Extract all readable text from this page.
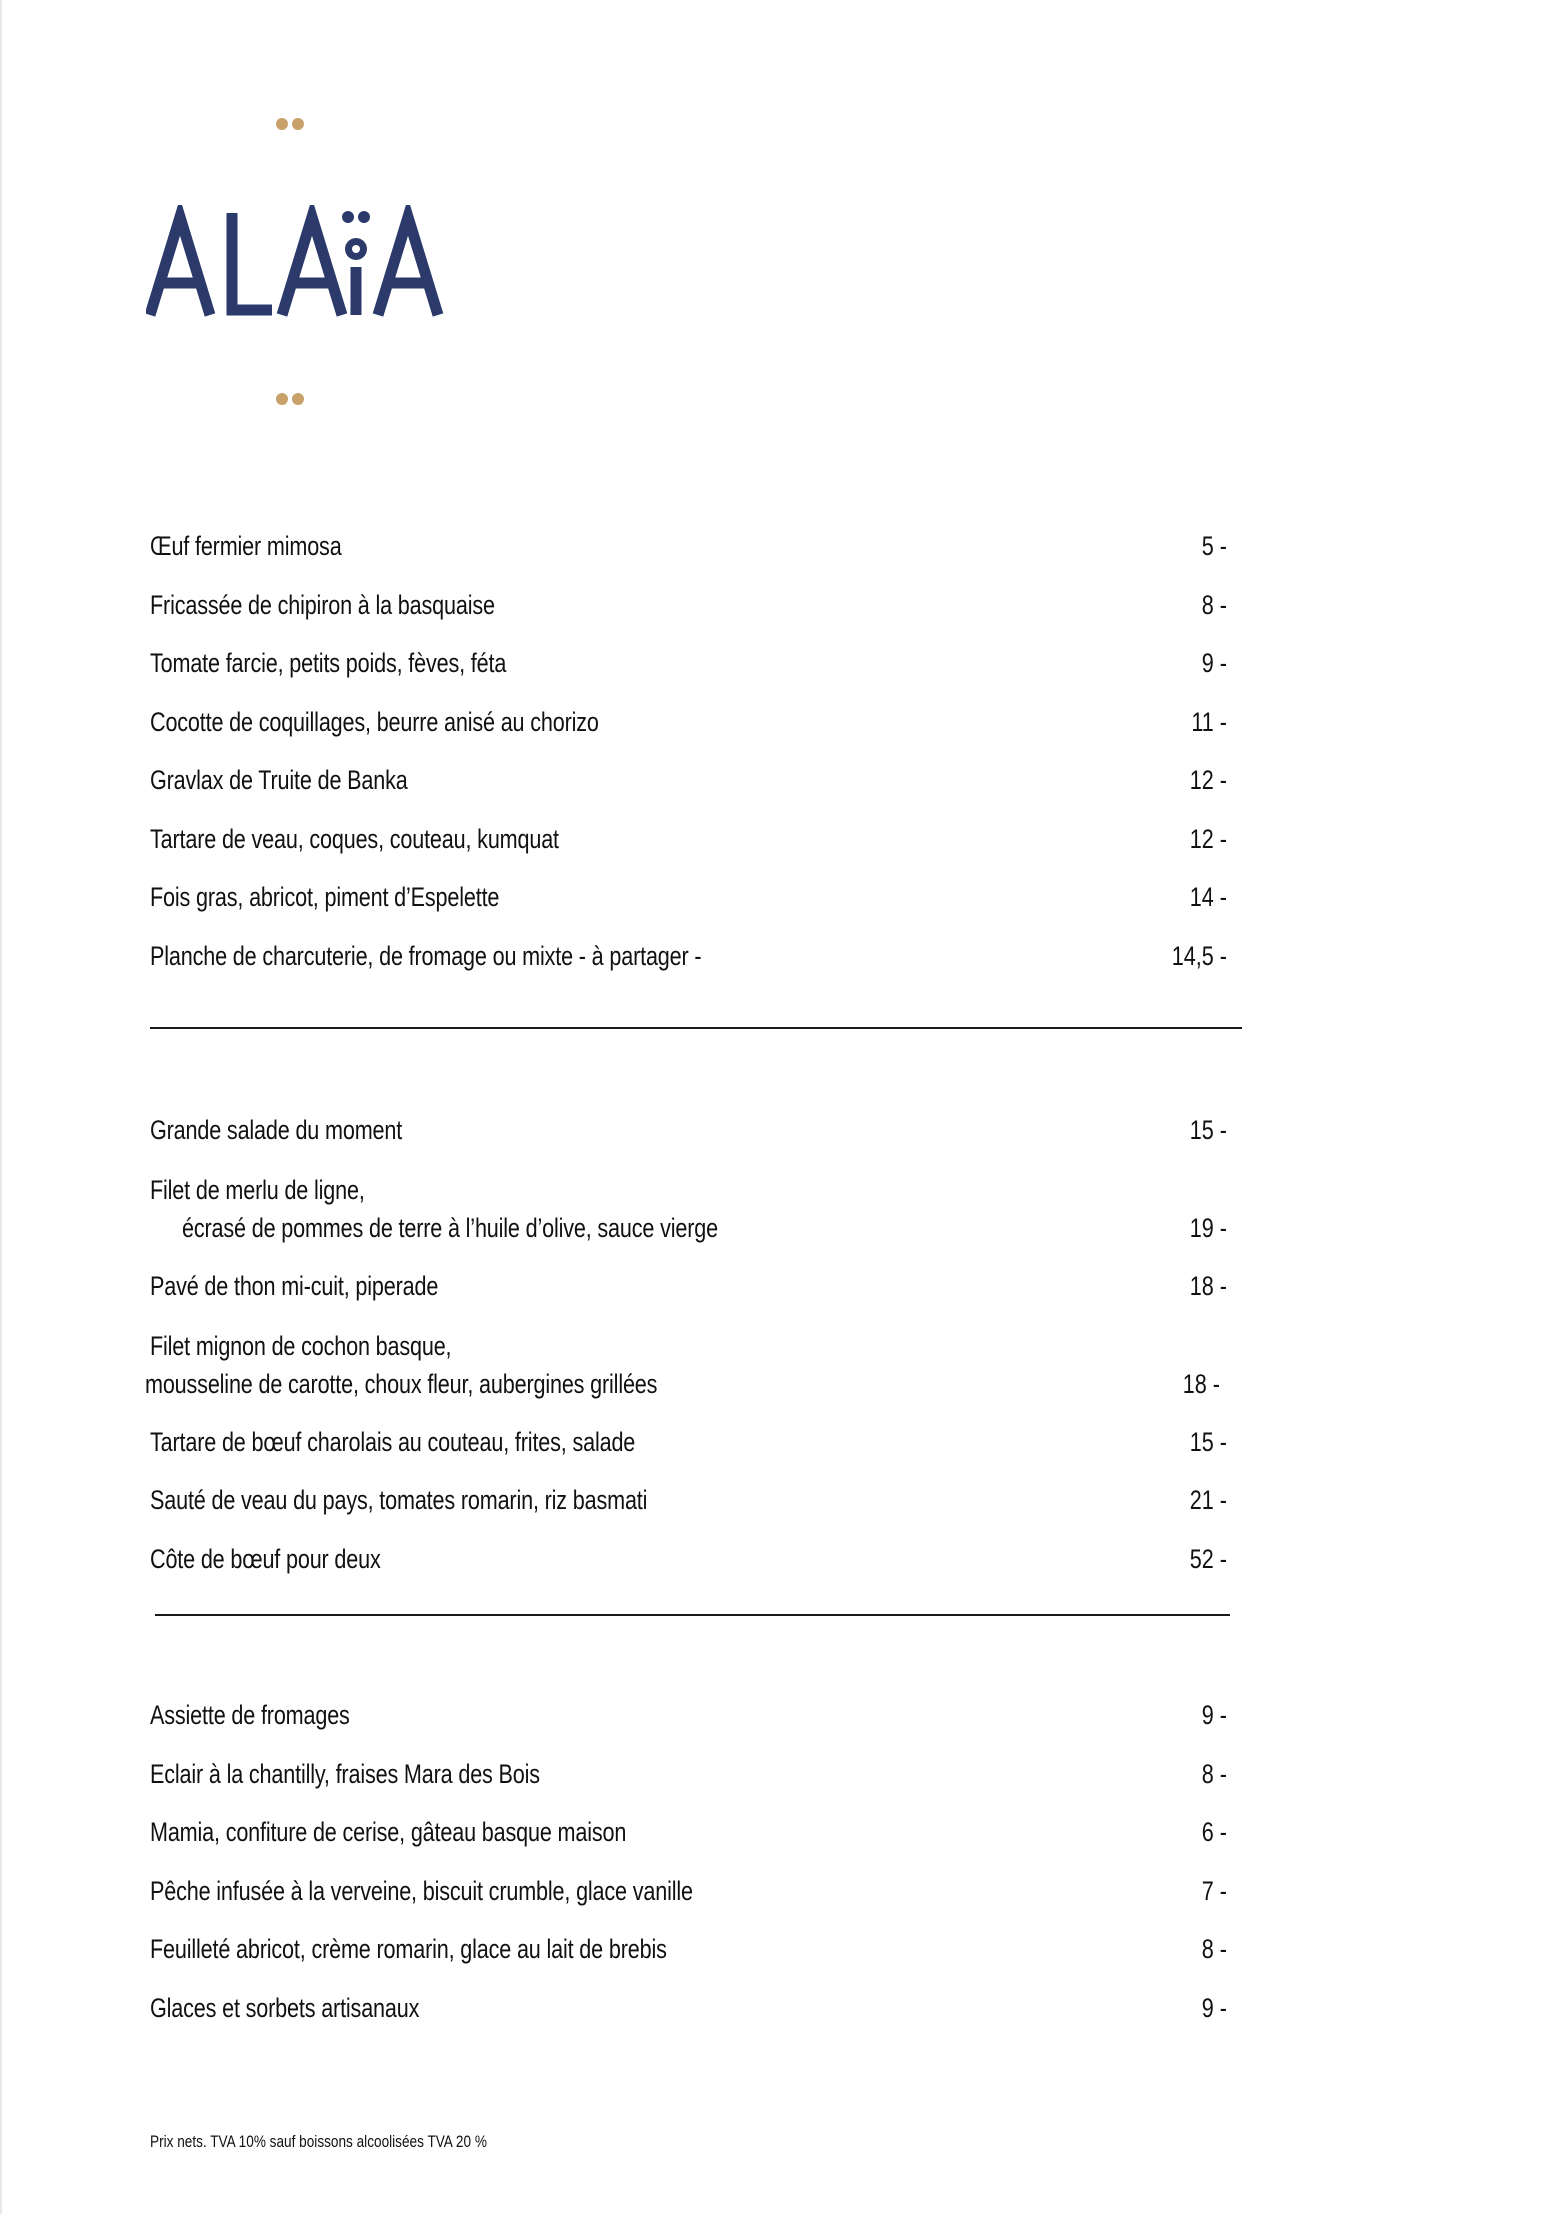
Œuf fermier mimosa	5 -
Fricassée de chipiron à la basquaise	8 -
Tomate farcie, petits poids, fèves, féta	9 -
Cocotte de coquillages, beurre anisé au chorizo	11 -
Gravlax de Truite de Banka	12 -
Tartare de veau, coques, couteau, kumquat	12 -
Fois gras, abricot, piment d’Espelette	14 -
Planche de charcuterie, de fromage ou mixte - à partager -	14,5 -
Grande salade du moment	15 -
Filet de merlu de ligne,
écrasé de pommes de terre à l’huile d’olive, sauce vierge	19 -
Pavé de thon mi-cuit, piperade	18 -
Filet mignon de cochon basque,
mousseline de carotte, choux fleur, aubergines grillées	18 -
Tartare de bœuf charolais au couteau, frites, salade	15 -
Sauté de veau du pays, tomates romarin, riz basmati	21 -
Côte de bœuf pour deux	52 -
Assiette de fromages	9 -
Eclair à la chantilly, fraises Mara des Bois	8 -
Mamia, confiture de cerise, gâteau basque maison	6 -
Pêche infusée à la verveine, biscuit crumble, glace vanille	7 -
Feuilleté abricot, crème romarin, glace au lait de brebis	8 -
Glaces et sorbets artisanaux	9 -
Prix nets. TVA 10% sauf boissons alcoolisées TVA 20 %
